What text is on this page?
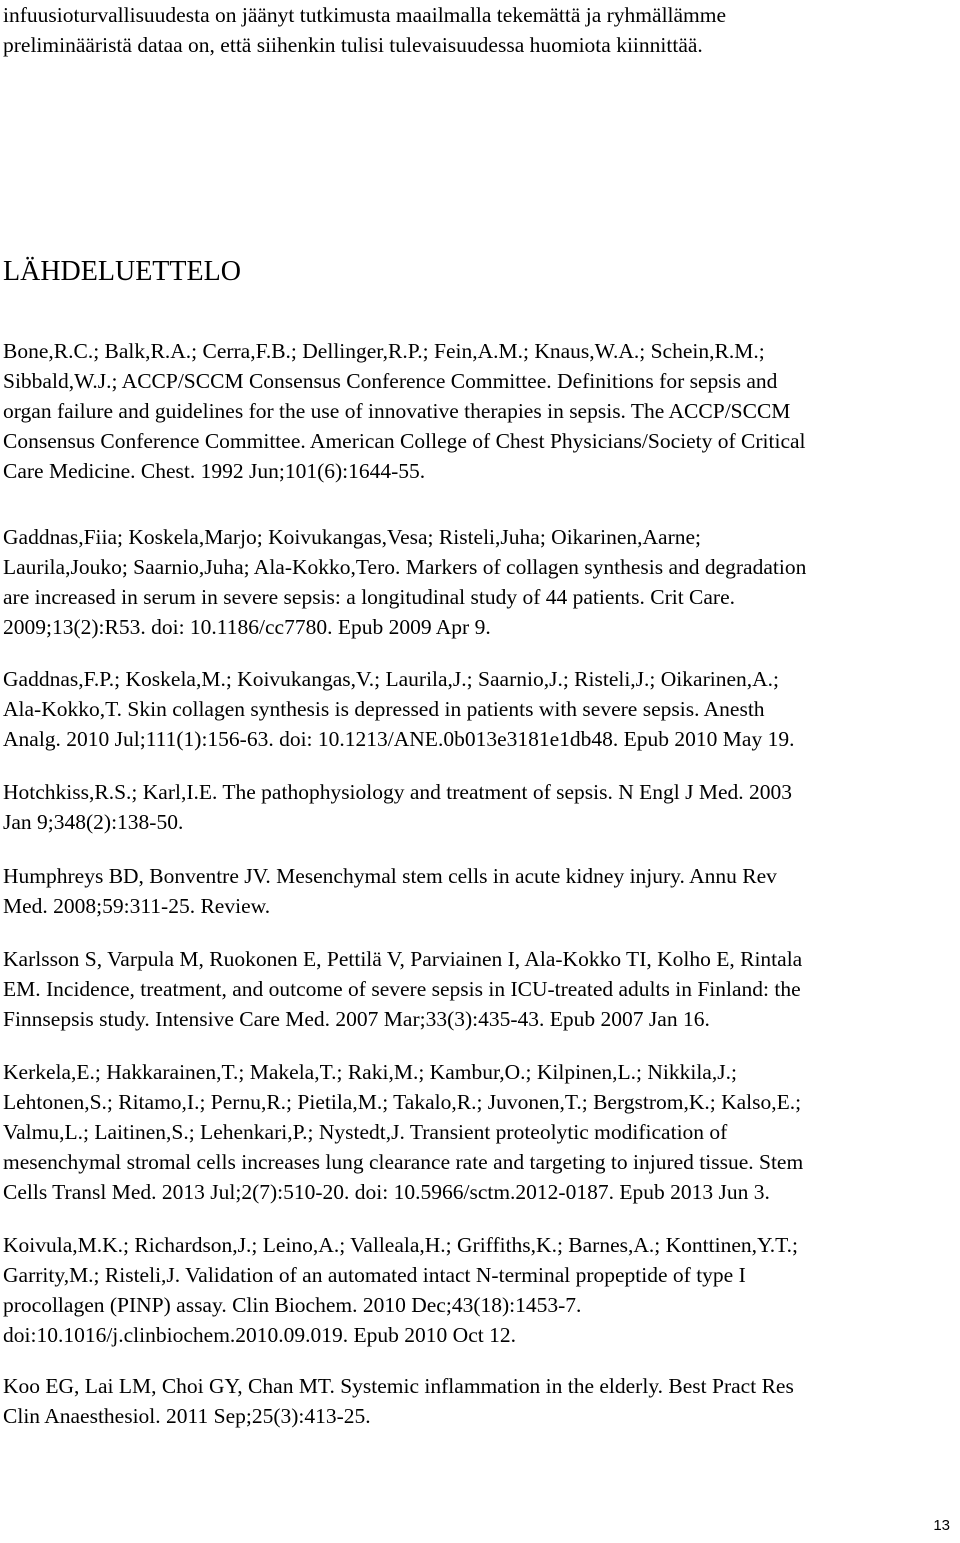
infuusioturvallisuudesta on jäänyt tutkimusta maailmalla tekemättä ja ryhmällämme
preliminääristä dataa on, että siihenkin tulisi tulevaisuudessa huomiota kiinnittää.

LÄHDELUETTELO
Bone,R.C.; Balk,R.A.; Cerra,F.B.; Dellinger,R.P.; Fein,A.M.; Knaus,W.A.; Schein,R.M.;
Sibbald,W.J.; ACCP/SCCM Consensus Conference Committee. Definitions for sepsis and
organ failure and guidelines for the use of innovative therapies in sepsis. The ACCP/SCCM
Consensus Conference Committee. American College of Chest Physicians/Society of Critical
Care Medicine. Chest. 1992 Jun;101(6):1644-55.
Gaddnas,Fiia; Koskela,Marjo; Koivukangas,Vesa; Risteli,Juha; Oikarinen,Aarne;
Laurila,Jouko; Saarnio,Juha; Ala-Kokko,Tero. Markers of collagen synthesis and degradation
are increased in serum in severe sepsis: a longitudinal study of 44 patients. Crit Care.
2009;13(2):R53. doi: 10.1186/cc7780. Epub 2009 Apr 9.
Gaddnas,F.P.; Koskela,M.; Koivukangas,V.; Laurila,J.; Saarnio,J.; Risteli,J.; Oikarinen,A.;
Ala-Kokko,T. Skin collagen synthesis is depressed in patients with severe sepsis. Anesth
Analg. 2010 Jul;111(1):156-63. doi: 10.1213/ANE.0b013e3181e1db48. Epub 2010 May 19.
Hotchkiss,R.S.; Karl,I.E. The pathophysiology and treatment of sepsis. N Engl J Med. 2003
Jan 9;348(2):138-50.
Humphreys BD, Bonventre JV. Mesenchymal stem cells in acute kidney injury. Annu Rev
Med. 2008;59:311-25. Review.
Karlsson S, Varpula M, Ruokonen E, Pettilä V, Parviainen I, Ala-Kokko TI, Kolho E, Rintala
EM. Incidence, treatment, and outcome of severe sepsis in ICU-treated adults in Finland: the
Finnsepsis study. Intensive Care Med. 2007 Mar;33(3):435-43. Epub 2007 Jan 16.
Kerkela,E.; Hakkarainen,T.; Makela,T.; Raki,M.; Kambur,O.; Kilpinen,L.; Nikkila,J.;
Lehtonen,S.; Ritamo,I.; Pernu,R.; Pietila,M.; Takalo,R.; Juvonen,T.; Bergstrom,K.; Kalso,E.;
Valmu,L.; Laitinen,S.; Lehenkari,P.; Nystedt,J. Transient proteolytic modification of
mesenchymal stromal cells increases lung clearance rate and targeting to injured tissue. Stem
Cells Transl Med. 2013 Jul;2(7):510-20. doi: 10.5966/sctm.2012-0187. Epub 2013 Jun 3.
Koivula,M.K.; Richardson,J.; Leino,A.; Valleala,H.; Griffiths,K.; Barnes,A.; Konttinen,Y.T.;
Garrity,M.; Risteli,J. Validation of an automated intact N-terminal propeptide of type I
procollagen (PINP) assay. Clin Biochem. 2010 Dec;43(18):1453-7.
doi:10.1016/j.clinbiochem.2010.09.019. Epub 2010 Oct 12.
Koo EG, Lai LM, Choi GY, Chan MT. Systemic inflammation in the elderly. Best Pract Res
Clin Anaesthesiol. 2011 Sep;25(3):413-25.
13
